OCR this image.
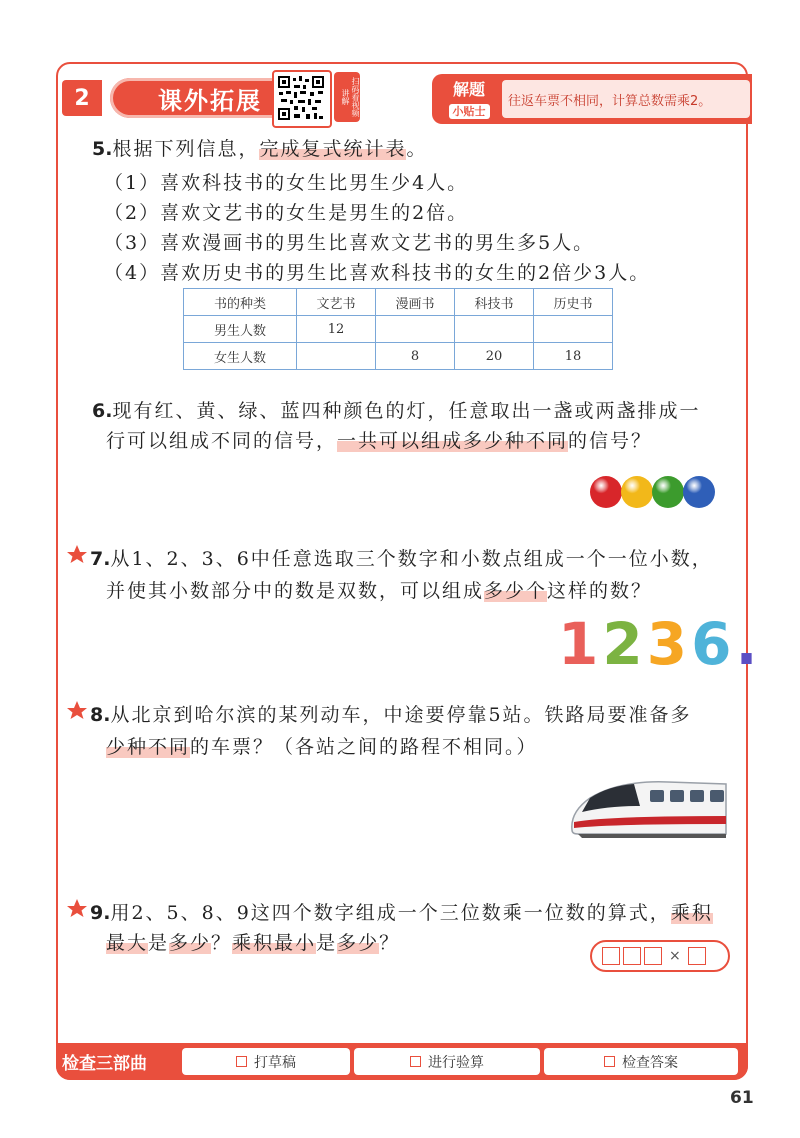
2	课外拓展	扫码看视频讲解	解题
小贴士
往返车票不相同，计算总数需乘2。
5.根据下列信息，完成复式统计表。
（1）喜欢科技书的女生比男生少4人。
（2）喜欢文艺书的女生是男生的2倍。
（3）喜欢漫画书的男生比喜欢文艺书的男生多5人。
（4）喜欢历史书的男生比喜欢科技书的女生的2倍少3人。
书的种类	文艺书	漫画书	科技书	历史书
男生人数	12			
女生人数		8	20	18
6.现有红、黄、绿、蓝四种颜色的灯，任意取出一盏或两盏排成一
行可以组成不同的信号，一共可以组成多少种不同的信号？
7.从1、2、3、6中任意选取三个数字和小数点组成一个一位小数，
并使其小数部分中的数是双数，可以组成多少个这样的数？
1236.
8.从北京到哈尔滨的某列动车，中途要停靠5站。铁路局要准备多
少种不同的车票？（各站之间的路程不相同。）
9.用2、5、8、9这四个数字组成一个三位数乘一位数的算式，乘积
最大是多少？乘积最小是多少？
×
检查三部曲	打草稿	进行验算	检查答案
61
